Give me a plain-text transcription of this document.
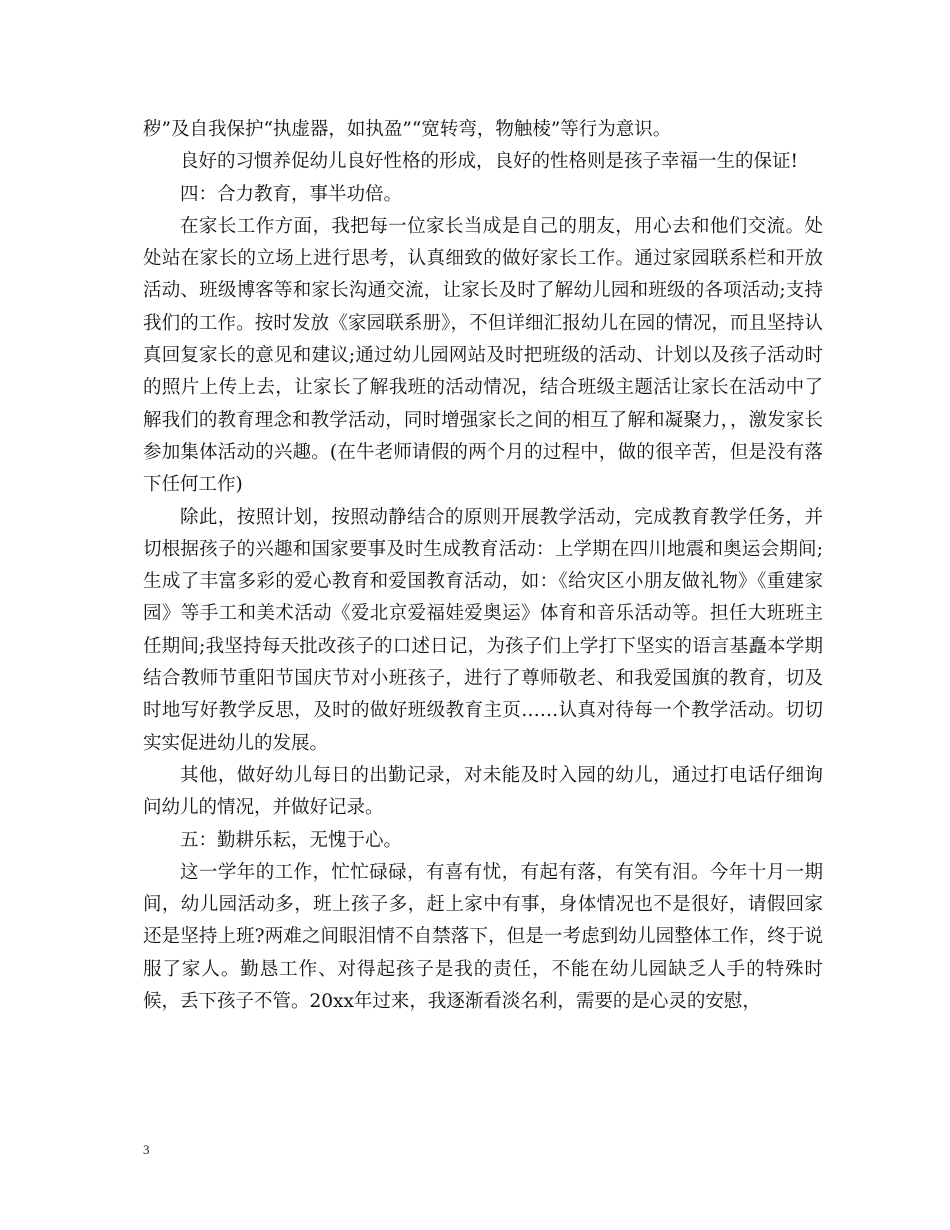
秽”及自我保护“执虚器，如执盈”“宽转弯，物触棱”等行为意识。

良好的习惯养促幼儿良好性格的形成，良好的性格则是孩子幸福一生的保证!

四：合力教育，事半功倍。

在家长工作方面，我把每一位家长当成是自己的朋友，用心去和他们交流。处处站在家长的立场上进行思考，认真细致的做好家长工作。通过家园联系栏和开放活动、班级博客等和家长沟通交流，让家长及时了解幼儿园和班级的各项活动;支持我们的工作。按时发放《家园联系册》，不但详细汇报幼儿在园的情况，而且坚持认真回复家长的意见和建议;通过幼儿园网站及时把班级的活动、计划以及孩子活动时的照片上传上去，让家长了解我班的活动情况，结合班级主题活让家长在活动中了解我们的教育理念和教学活动，同时增强家长之间的相互了解和凝聚力，，激发家长参加集体活动的兴趣。(在牛老师请假的两个月的过程中，做的很辛苦，但是没有落下任何工作)

除此，按照计划，按照动静结合的原则开展教学活动，完成教育教学任务，并切根据孩子的兴趣和国家要事及时生成教育活动：上学期在四川地震和奥运会期间;生成了丰富多彩的爱心教育和爱国教育活动，如：《给灾区小朋友做礼物》《重建家园》等手工和美术活动《爱北京爱福娃爱奥运》体育和音乐活动等。担任大班班主任期间;我坚持每天批改孩子的口述日记，为孩子们上学打下坚实的语言基矗本学期结合教师节重阳节国庆节对小班孩子，进行了尊师敬老、和我爱国旗的教育，切及时地写好教学反思，及时的做好班级教育主页……认真对待每一个教学活动。切切实实促进幼儿的发展。

其他，做好幼儿每日的出勤记录，对未能及时入园的幼儿，通过打电话仔细询问幼儿的情况，并做好记录。

五：勤耕乐耘，无愧于心。

这一学年的工作，忙忙碌碌，有喜有忧，有起有落，有笑有泪。今年十月一期间，幼儿园活动多，班上孩子多，赶上家中有事，身体情况也不是很好，请假回家还是坚持上班?两难之间眼泪情不自禁落下，但是一考虑到幼儿园整体工作，终于说服了家人。勤恳工作、对得起孩子是我的责任，不能在幼儿园缺乏人手的特殊时候，丢下孩子不管。20xx年过来，我逐渐看淡名利，需要的是心灵的安慰，

3
